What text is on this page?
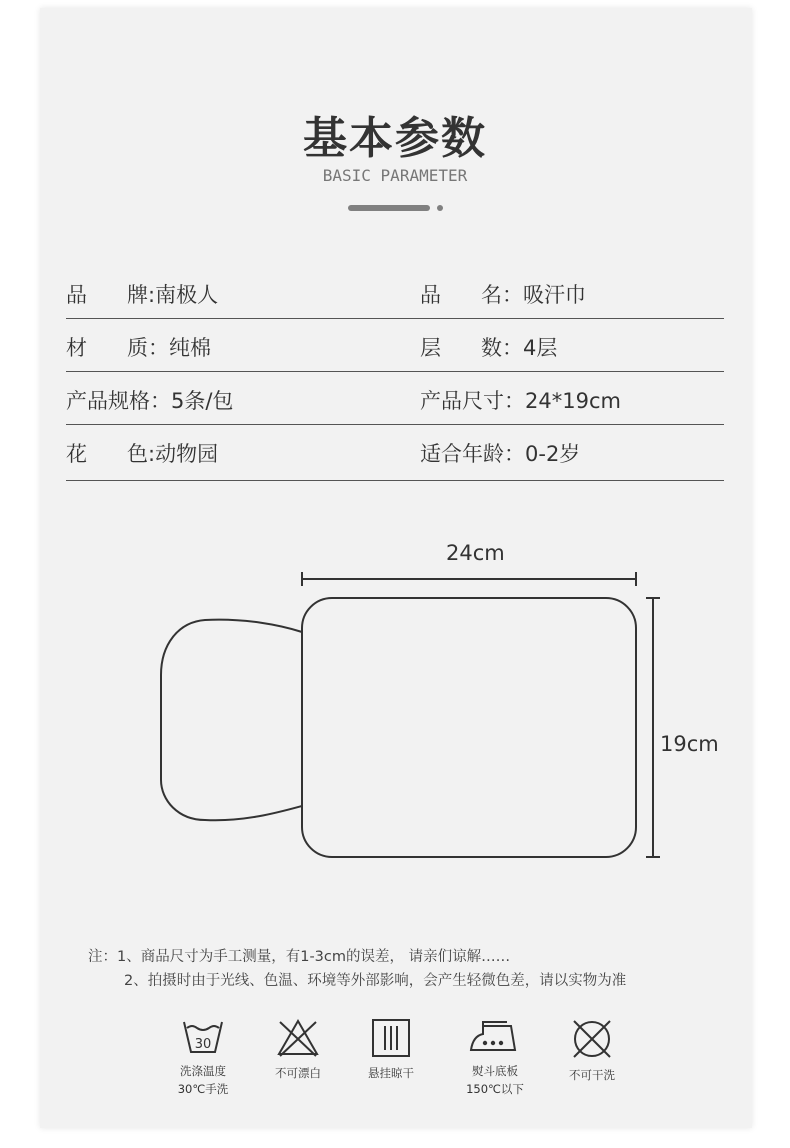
基本参数
BASIC PARAMETER
品      牌:南极人	品      名：吸汗巾
材      质：纯棉	层      数：4层
产品规格：5条/包	产品尺寸：24*19cm
花      色:动物园	适合年龄：0-2岁
24cm
19cm
注：1、商品尺寸为手工测量，有1-3cm的误差， 请亲们谅解……
2、拍摄时由于光线、色温、环境等外部影响，会产生轻微色差，请以实物为准
30
洗涤温度
30℃手洗
不可漂白	悬挂晾干	熨斗底板
150℃以下
不可干洗
